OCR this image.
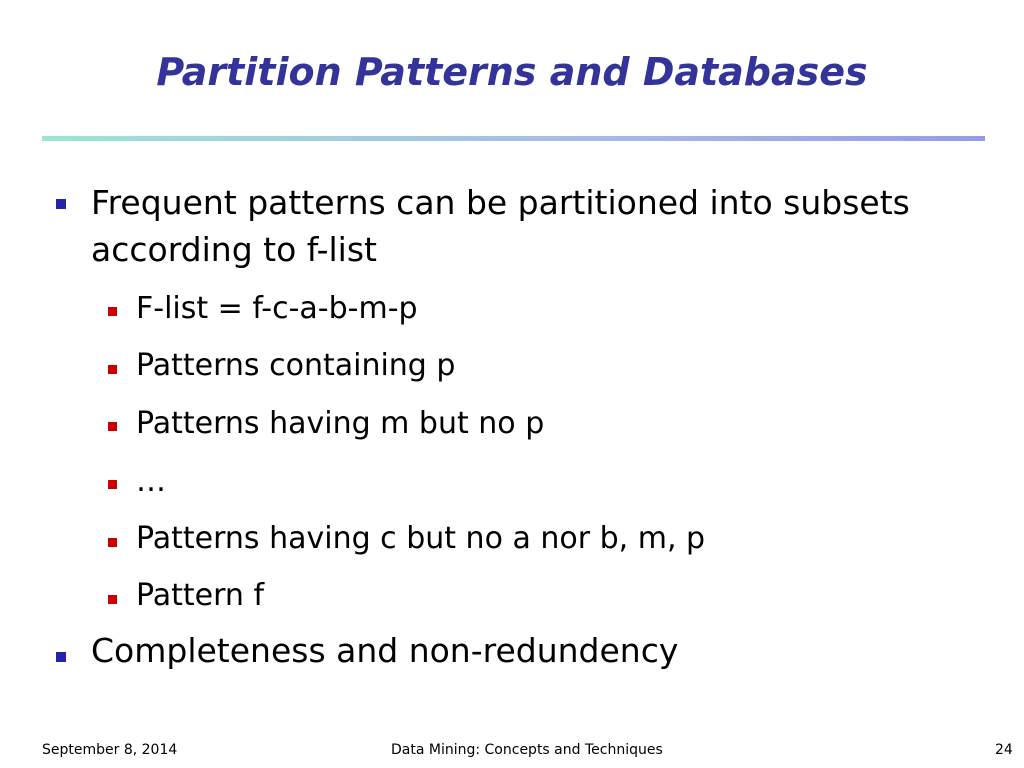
Partition Patterns and Databases
Frequent patterns can be partitioned into subsets
according to f-list
F-list = f-c-a-b-m-p
Patterns containing p
Patterns having m but no p
…
Patterns having c but no a nor b, m, p
Pattern f
Completeness and non-redundency
September 8, 2014	Data Mining: Concepts and Techniques	24
